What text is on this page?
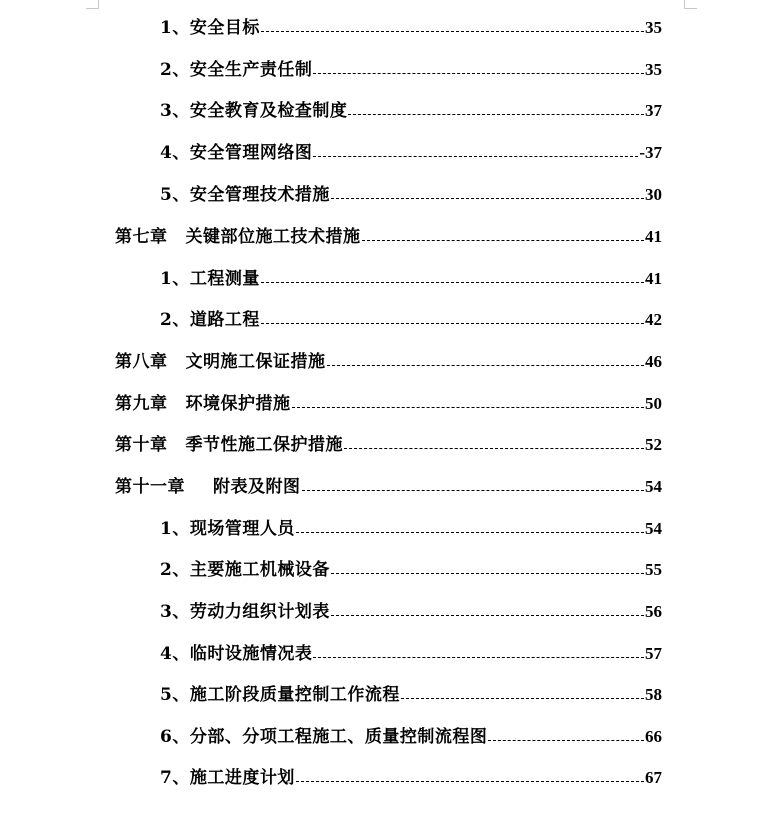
1、安全目标	35
2、安全生产责任制	35
3、安全教育及检查制度	37
4、安全管理网络图	-37
5、安全管理技术措施	30
第七章 关键部位施工技术措施	41
1、工程测量	41
2、道路工程	42
第八章 文明施工保证措施	46
第九章 环境保护措施	50
第十章 季节性施工保护措施	52
第十一章 附表及附图	54
1、现场管理人员	54
2、主要施工机械设备	55
3、劳动力组织计划表	56
4、临时设施情况表	57
5、施工阶段质量控制工作流程	58
6、分部、分项工程施工、质量控制流程图	66
7、施工进度计划	67
